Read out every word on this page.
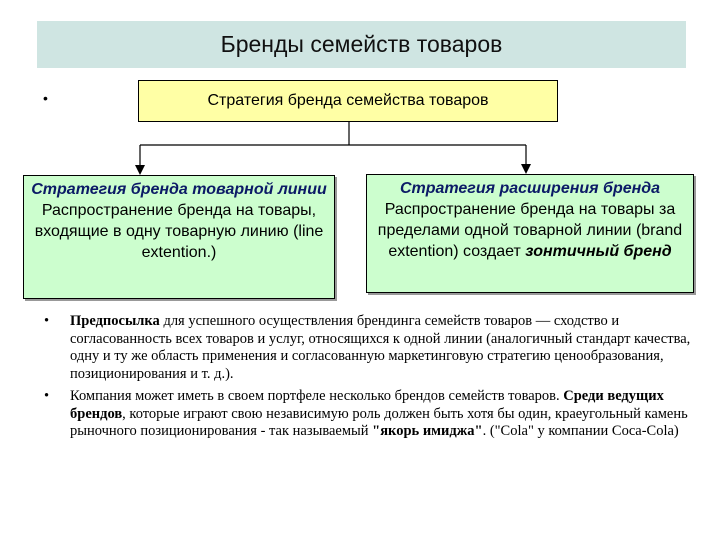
Бренды семейств товаров
•	Стратегия бренда семейства товаров
Стратегия бренда товарной линии
Распространение бренда на товары, входящие в одну товарную линию (line extention.)
Стратегия расширения бренда
Распространение бренда на товары за пределами одной товарной линии (brand extention) создает зонтичный бренд
•	Предпосылка для успешного осуществления брендинга семейств товаров — сходство и согласованность всех товаров и услуг, относящихся к одной линии (аналогичный стандарт качества, одну и ту же область применения и согласованную маркетинговую стратегию ценообразования, позиционирования и т. д.).
•	Компания может иметь в своем портфеле несколько брендов семейств товаров. Среди ведущих брендов, которые играют свою независимую роль должен быть хотя бы один, краеугольный камень рыночного позиционирования - так называемый "якорь имиджа". ("Cola" у компании Coca-Cola)
